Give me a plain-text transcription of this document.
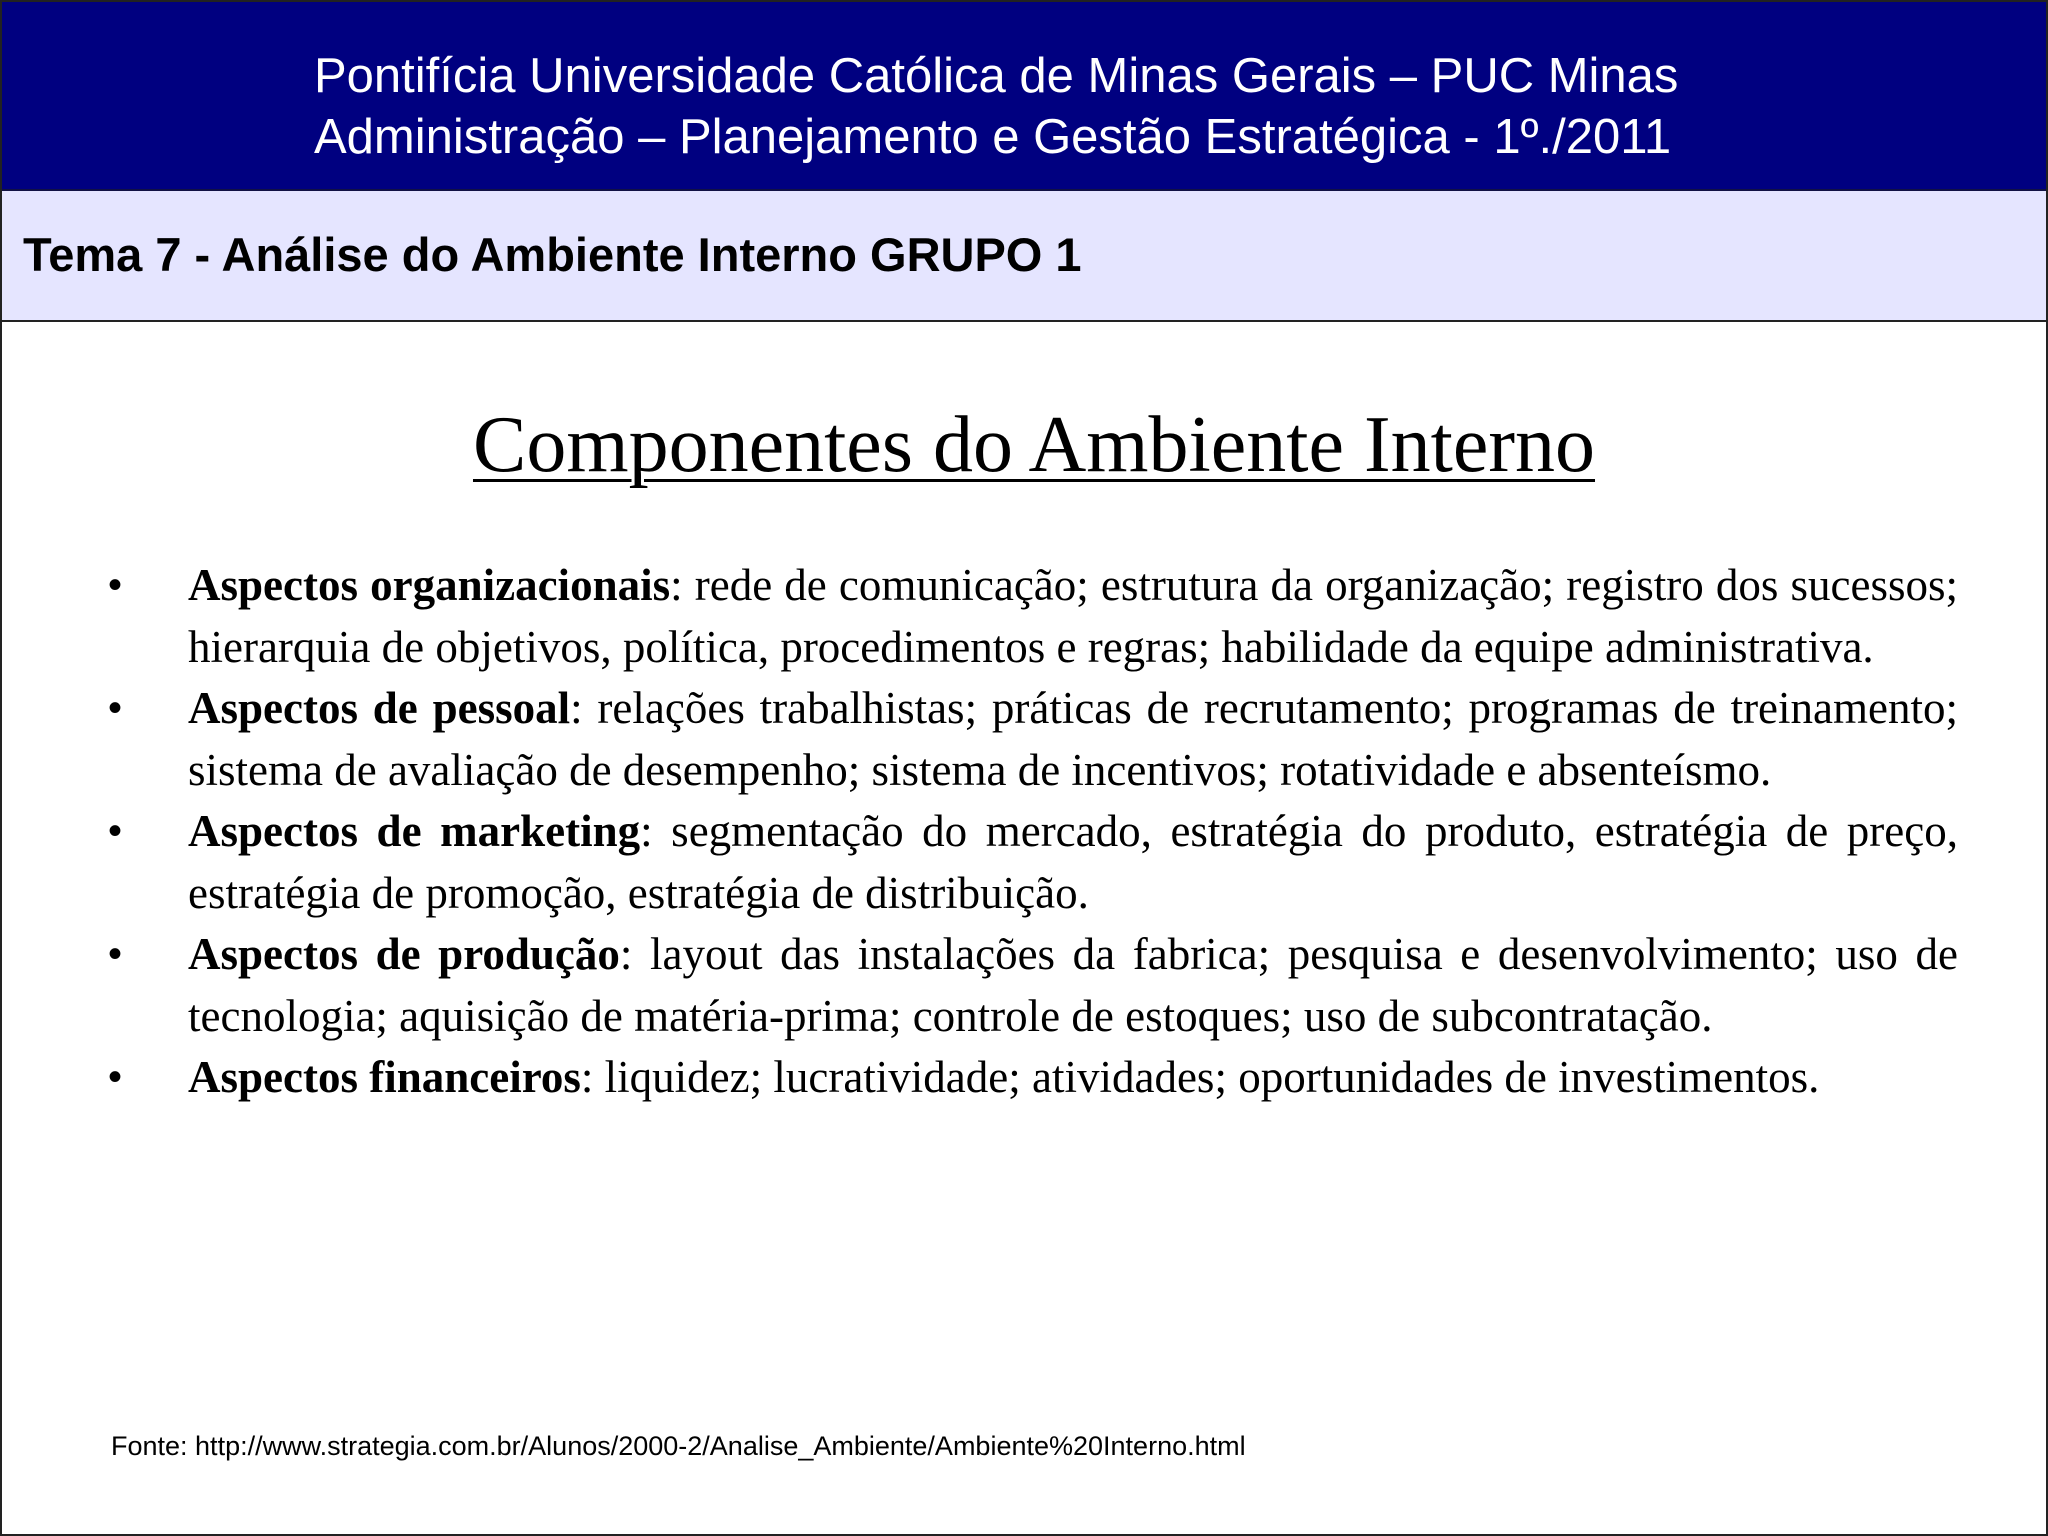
Pontifícia Universidade Católica de Minas Gerais – PUC Minas
Administração – Planejamento e Gestão Estratégica - 1º./2011
Tema 7 - Análise do Ambiente Interno GRUPO 1
Componentes do Ambiente Interno
• Aspectos organizacionais: rede de comunicação; estrutura da organização; registro dos sucessos; hierarquia de objetivos, política, procedimentos e regras; habilidade da equipe administrativa.
• Aspectos de pessoal: relações trabalhistas; práticas de recrutamento; programas de treinamento; sistema de avaliação de desempenho; sistema de incentivos; rotatividade e absenteísmo.
• Aspectos de marketing: segmentação do mercado, estratégia do produto, estratégia de preço, estratégia de promoção, estratégia de distribuição.
• Aspectos de produção: layout das instalações da fabrica; pesquisa e desenvolvimento; uso de tecnologia; aquisição de matéria-prima; controle de estoques; uso de subcontratação.
• Aspectos financeiros: liquidez; lucratividade; atividades; oportunidades de investimentos.
Fonte: http://www.strategia.com.br/Alunos/2000-2/Analise_Ambiente/Ambiente%20Interno.html
